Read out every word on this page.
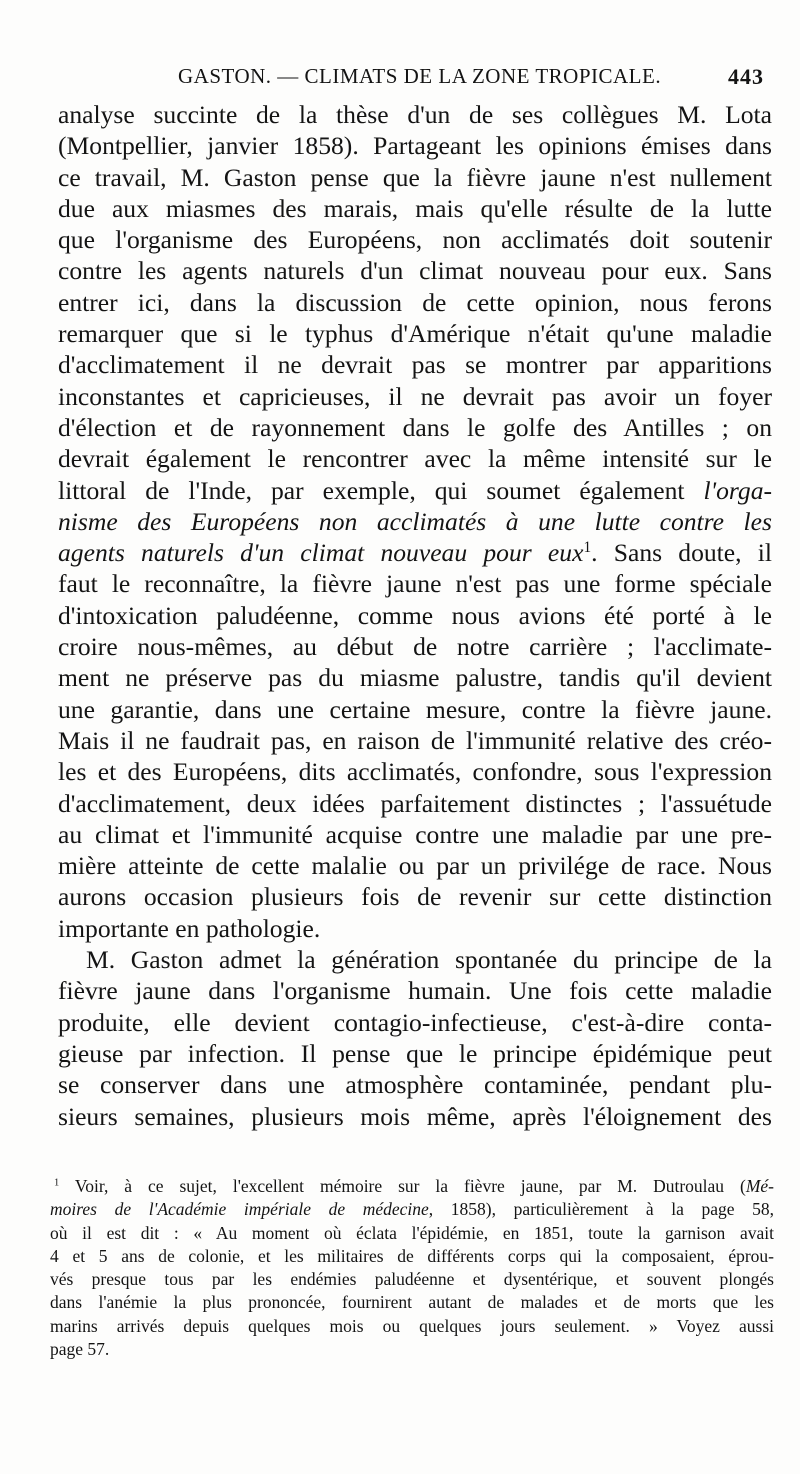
GASTON. — CLIMATS DE LA ZONE TROPICALE.	443
analyse succinte de la thèse d'un de ses collègues M. Lota
(Montpellier, janvier 1858). Partageant les opinions émises dans
ce travail, M. Gaston pense que la fièvre jaune n'est nullement
due aux miasmes des marais, mais qu'elle résulte de la lutte
que l'organisme des Européens, non acclimatés doit soutenir
contre les agents naturels d'un climat nouveau pour eux. Sans
entrer ici, dans la discussion de cette opinion, nous ferons
remarquer que si le typhus d'Amérique n'était qu'une maladie
d'acclimatement il ne devrait pas se montrer par apparitions
inconstantes et capricieuses, il ne devrait pas avoir un foyer
d'élection et de rayonnement dans le golfe des Antilles ; on
devrait également le rencontrer avec la même intensité sur le
littoral de l'Inde, par exemple, qui soumet également l'orga-
nisme des Européens non acclimatés à une lutte contre les
agents naturels d'un climat nouveau pour eux$^1$. Sans doute, il
faut le reconnaître, la fièvre jaune n'est pas une forme spéciale
d'intoxication paludéenne, comme nous avions été porté à le
croire nous-mêmes, au début de notre carrière ; l'acclimate-
ment ne préserve pas du miasme palustre, tandis qu'il devient
une garantie, dans une certaine mesure, contre la fièvre jaune.
Mais il ne faudrait pas, en raison de l'immunité relative des créo-
les et des Européens, dits acclimatés, confondre, sous l'expression
d'acclimatement, deux idées parfaitement distinctes ; l'assuétude
au climat et l'immunité acquise contre une maladie par une pre-
mière atteinte de cette malalie ou par un privilége de race. Nous
aurons occasion plusieurs fois de revenir sur cette distinction
importante en pathologie.
M. Gaston admet la génération spontanée du principe de la
fièvre jaune dans l'organisme humain. Une fois cette maladie
produite, elle devient contagio-infectieuse, c'est-à-dire conta-
gieuse par infection. Il pense que le principe épidémique peut
se conserver dans une atmosphère contaminée, pendant plu-
sieurs semaines, plusieurs mois même, après l'éloignement des
$^1$ Voir, à ce sujet, l'excellent mémoire sur la fièvre jaune, par M. Dutroulau (Mé-
moires de l'Académie impériale de médecine, 1858), particulièrement à la page 58,
où il est dit : « Au moment où éclata l'épidémie, en 1851, toute la garnison avait
4 et 5 ans de colonie, et les militaires de différents corps qui la composaient, éprou-
vés presque tous par les endémies paludéenne et dysentérique, et souvent plongés
dans l'anémie la plus prononcée, fournirent autant de malades et de morts que les
marins arrivés depuis quelques mois ou quelques jours seulement. » Voyez aussi
page 57.
